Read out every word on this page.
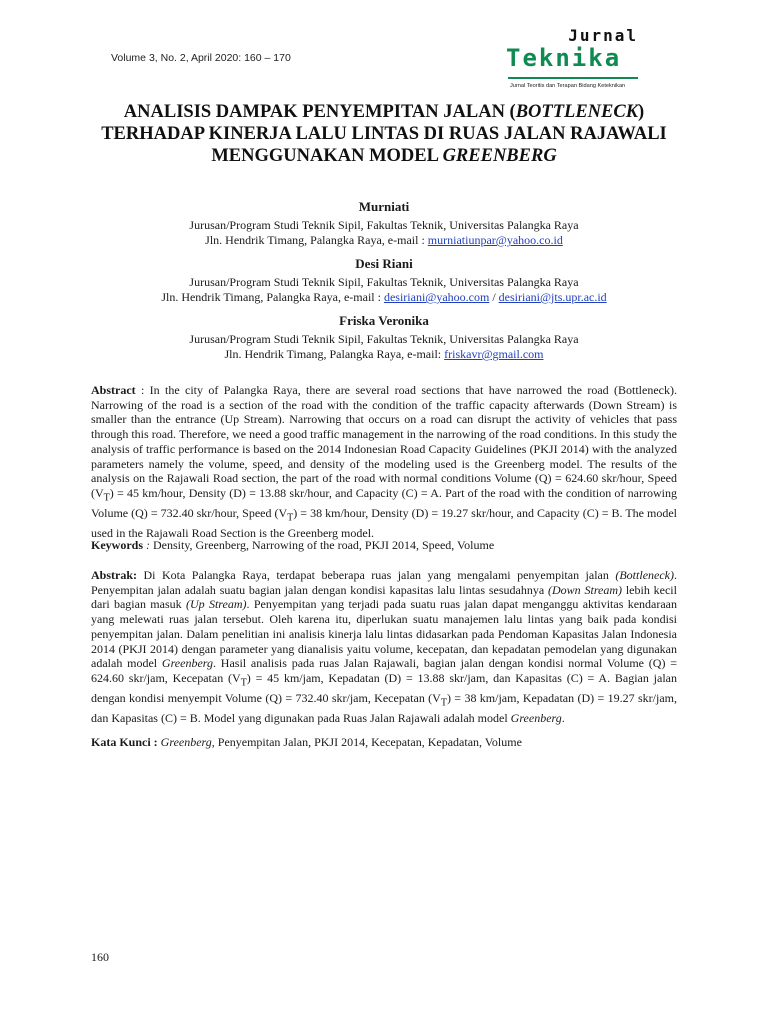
Volume 3, No. 2, April 2020: 160 – 170
Jurnal
Teknika
Jurnal Teoritis dan Terapan Bidang Keteknikan
ANALISIS DAMPAK PENYEMPITAN JALAN (BOTTLENECK)
TERHADAP KINERJA LALU LINTAS DI RUAS JALAN RAJAWALI
MENGGUNAKAN MODEL GREENBERG

Murniati

Jurusan/Program Studi Teknik Sipil, Fakultas Teknik, Universitas Palangka Raya

Jln. Hendrik Timang, Palangka Raya, e-mail : murniatiunpar@yahoo.co.id

Desi Riani

Jurusan/Program Studi Teknik Sipil, Fakultas Teknik, Universitas Palangka Raya

Jln. Hendrik Timang, Palangka Raya, e-mail : desiriani@yahoo.com / desiriani@jts.upr.ac.id

Friska Veronika

Jurusan/Program Studi Teknik Sipil, Fakultas Teknik, Universitas Palangka Raya

Jln. Hendrik Timang, Palangka Raya, e-mail: friskavr@gmail.com

Abstract : In the city of Palangka Raya, there are several road sections that have narrowed the road (Bottleneck). Narrowing of the road is a section of the road with the condition of the traffic capacity afterwards (Down Stream) is smaller than the entrance (Up Stream). Narrowing that occurs on a road can disrupt the activity of vehicles that pass through this road. Therefore, we need a good traffic management in the narrowing of the road conditions. In this study the analysis of traffic performance is based on the 2014 Indonesian Road Capacity Guidelines (PKJI 2014) with the analyzed parameters namely the volume, speed, and density of the modeling used is the Greenberg model. The results of the analysis on the Rajawali Road section, the part of the road with normal conditions Volume (Q) = 624.60 skr/hour, Speed $(V_T) = 45$ km/hour, Density (D) = 13.88 skr/hour, and Capacity (C) = A. Part of the road with the condition of narrowing Volume (Q) = 732.40 skr/hour, Speed $(V_T) = 38$ km/hour, Density (D) = 19.27 skr/hour, and Capacity (C) = B. The model used in the Rajawali Road Section is the Greenberg model.

Keywords : Density, Greenberg, Narrowing of the road, PKJI 2014, Speed, Volume

Abstrak: Di Kota Palangka Raya, terdapat beberapa ruas jalan yang mengalami penyempitan jalan (Bottleneck). Penyempitan jalan adalah suatu bagian jalan dengan kondisi kapasitas lalu lintas sesudahnya (Down Stream) lebih kecil dari bagian masuk (Up Stream). Penyempitan yang terjadi pada suatu ruas jalan dapat menganggu aktivitas kendaraan yang melewati ruas jalan tersebut. Oleh karena itu, diperlukan suatu manajemen lalu lintas yang baik pada kondisi penyempitan jalan. Dalam penelitian ini analisis kinerja lalu lintas didasarkan pada Pendoman Kapasitas Jalan Indonesia 2014 (PKJI 2014) dengan parameter yang dianalisis yaitu volume, kecepatan, dan kepadatan pemodelan yang digunakan adalah model Greenberg. Hasil analisis pada ruas Jalan Rajawali, bagian jalan dengan kondisi normal Volume (Q) = 624.60 skr/jam, Kecepatan $(V_T) = 45$ km/jam, Kepadatan (D) = 13.88 skr/jam, dan Kapasitas (C) = A. Bagian jalan dengan kondisi menyempit Volume (Q) = 732.40 skr/jam, Kecepatan $(V_T) = 38$ km/jam, Kepadatan (D) = 19.27 skr/jam, dan Kapasitas (C) = B. Model yang digunakan pada Ruas Jalan Rajawali adalah model Greenberg.

Kata Kunci : Greenberg, Penyempitan Jalan, PKJI 2014, Kecepatan, Kepadatan, Volume

160
